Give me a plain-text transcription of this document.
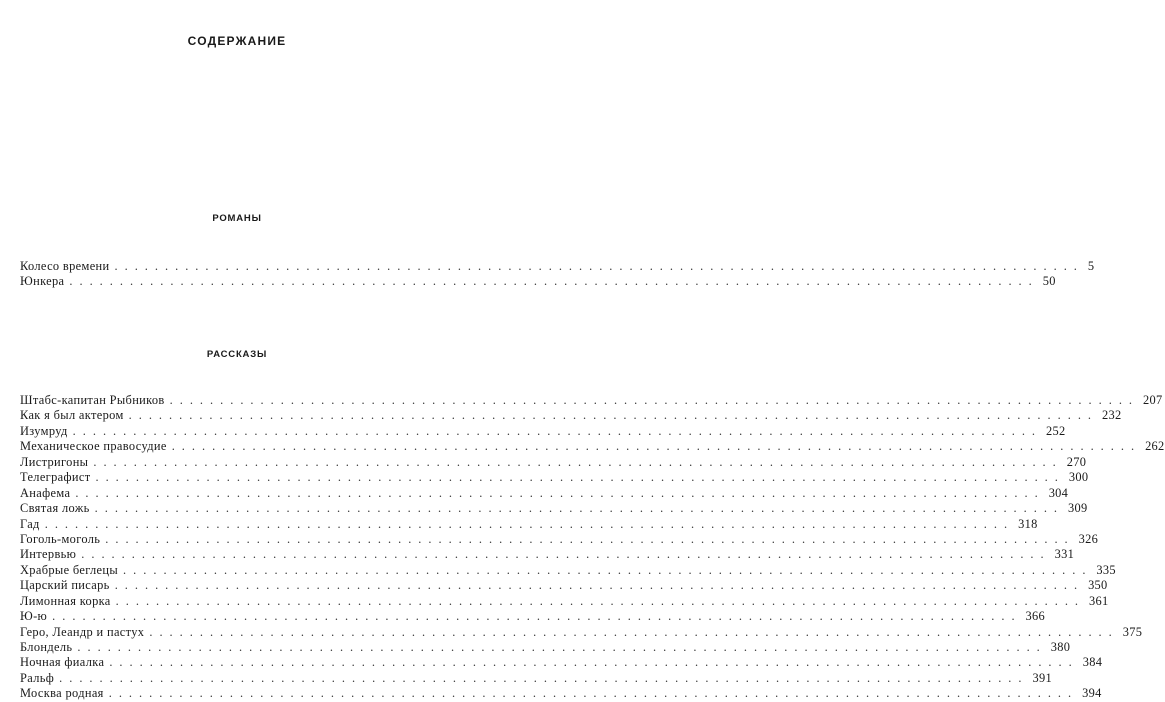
СОДЕРЖАНИЕ
РОМАНЫ
Колесо времени ................................................................................................ 5
Юнкера ................................................................................................ 50
РАССКАЗЫ
Штабс-капитан Рыбников ................................................................................................ 207
Как я был актером ................................................................................................ 232
Изумруд ................................................................................................ 252
Механическое правосудие ................................................................................................ 262
Листригоны ................................................................................................ 270
Телеграфист ................................................................................................ 300
Анафема ................................................................................................ 304
Святая ложь ................................................................................................ 309
Гад ................................................................................................ 318
Гоголь-моголь ................................................................................................ 326
Интервью ................................................................................................ 331
Храбрые беглецы ................................................................................................ 335
Царский писарь ................................................................................................ 350
Лимонная корка ................................................................................................ 361
Ю-ю ................................................................................................ 366
Геро, Леандр и пастух ................................................................................................ 375
Блондель ................................................................................................ 380
Ночная фиалка ................................................................................................ 384
Ральф ................................................................................................ 391
Москва родная ................................................................................................ 394
